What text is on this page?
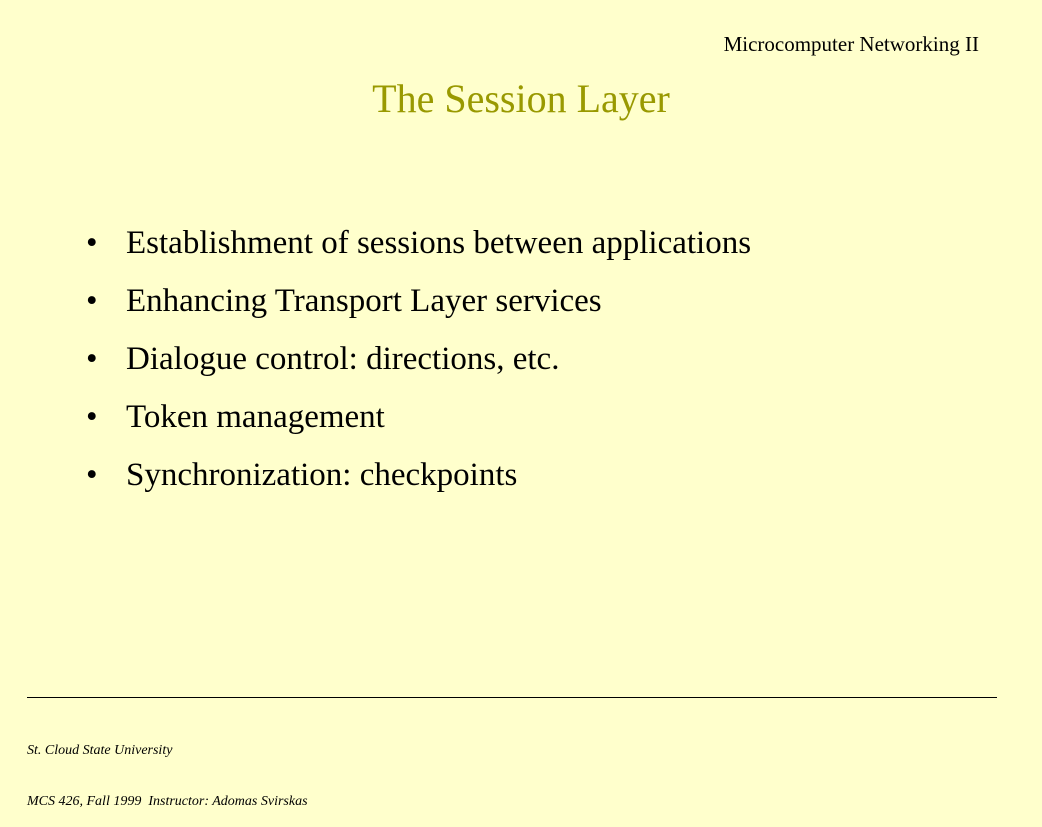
Microcomputer Networking II
The Session Layer
• Establishment of sessions between applications
• Enhancing Transport Layer services
• Dialogue control: directions, etc.
• Token management
• Synchronization: checkpoints

St. Cloud State University

MCS 426, Fall 1999  Instructor: Adomas Svirskas
